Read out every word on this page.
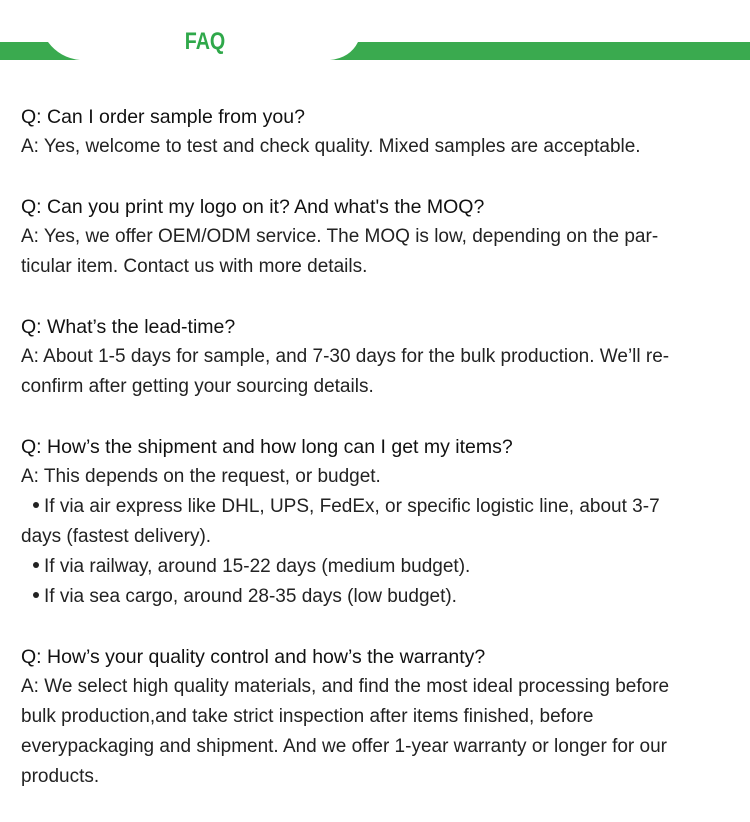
FAQ
Q: Can I order sample from you?
A: Yes, welcome to test and check quality. Mixed samples are acceptable.
Q: Can you print my logo on it? And what's the MOQ?
A: Yes, we offer OEM/ODM service. The MOQ is low, depending on the par-
ticular item. Contact us with more details.
Q: What’s the lead-time?
A: About 1-5 days for sample, and 7-30 days for the bulk production. We’ll re-
confirm after getting your sourcing details.
Q: How’s the shipment and how long can I get my items?
A: This depends on the request, or budget.
If via air express like DHL, UPS, FedEx, or specific logistic line, about 3-7
days (fastest delivery).
If via railway, around 15-22 days (medium budget).
If via sea cargo, around 28-35 days (low budget).
Q: How’s your quality control and how’s the warranty?
A: We select high quality materials, and find the most ideal processing before
bulk production,and take strict inspection after items finished, before
everypackaging and shipment. And we offer 1-year warranty or longer for our
products.
